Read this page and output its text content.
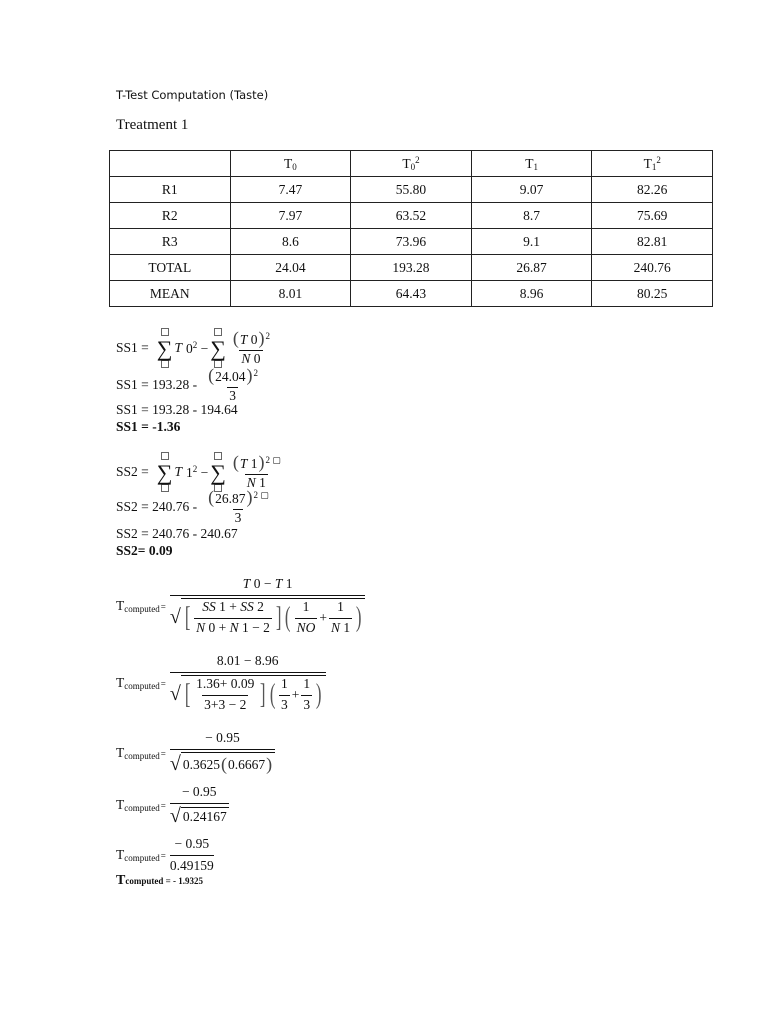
T-Test Computation (Taste)
Treatment 1
	$T_0$	$T_0^2$	$T_1$	$T_1^2$
R1	7.47	55.80	9.07	82.26
R2	7.97	63.52	8.7	75.69
R3	8.6	73.96	9.1	82.81
TOTAL	24.04	193.28	26.87	240.76
MEAN	8.01	64.43	8.96	80.25
SS1 = ∑ T
$0^2$ − ∑ $\frac{(T 0)^2}{N 0}$
$SS1 = 193.28 - \frac{(24.04)^2}{3}$
SS1 = 193.28 - 194.64
SS1 = -1.36
SS2 = ∑ T
$1^2$ − ∑ $\frac{(T 1)^{2 ▢}}{N 1}$
$SS2 = 240.76 - \frac{(26.87)^{2 ▢}}{3}$
SS2 = 240.76 - 240.67
SS2= 0.09
$T_{computed}=$
T 0 − T 1
√ [ $\frac{SS 1 + SS 2}{N 0 + N 1 - 2}$ ] ( $\frac{1}{NO} + \frac{1}{N 1}$ )
$T_{computed}=$
8.01 − 8.96
√ [ $\frac{1.36+ 0.09}{3+3 - 2}$ ] ( $\frac{1}{3} + \frac{1}{3}$ )
$T_{computed}= \frac{- 0.95}{√ 0.3625 ( 0.6667 )}$
$T_{computed}= \frac{- 0.95}{√ 0.24167}$
$T_{computed}= \frac{- 0.95}{0.49159}$
Tcomputed = - 1.9325
